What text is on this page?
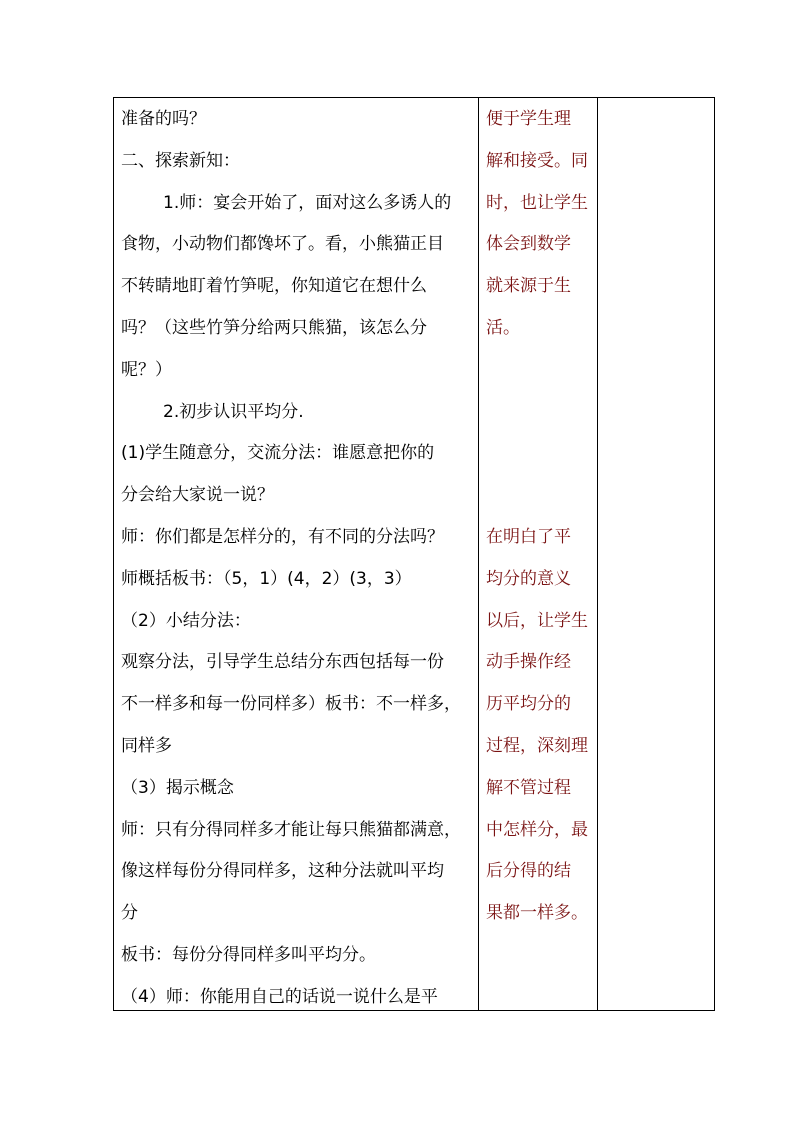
准备的吗？
二、探索新知：
1.师：宴会开始了，面对这么多诱人的
食物，小动物们都馋坏了。看，小熊猫正目
不转睛地盯着竹笋呢，你知道它在想什么
吗？（这些竹笋分给两只熊猫，该怎么分
呢？）
2.初步认识平均分.
(1)学生随意分，交流分法：谁愿意把你的
分会给大家说一说？
师：你们都是怎样分的，有不同的分法吗？
师概括板书：（5，1）(4，2）(3，3）
（2）小结分法：
观察分法，引导学生总结分东西包括每一份
不一样多和每一份同样多）板书：不一样多，
同样多
（3）揭示概念
师：只有分得同样多才能让每只熊猫都满意，
像这样每份分得同样多，这种分法就叫平均
分
板书：每份分得同样多叫平均分。
（4）师：你能用自己的话说一说什么是平
便于学生理
解和接受。同
时，也让学生
体会到数学
就来源于生
活。
在明白了平
均分的意义
以后，让学生
动手操作经
历平均分的
过程，深刻理
解不管过程
中怎样分，最
后分得的结
果都一样多。
